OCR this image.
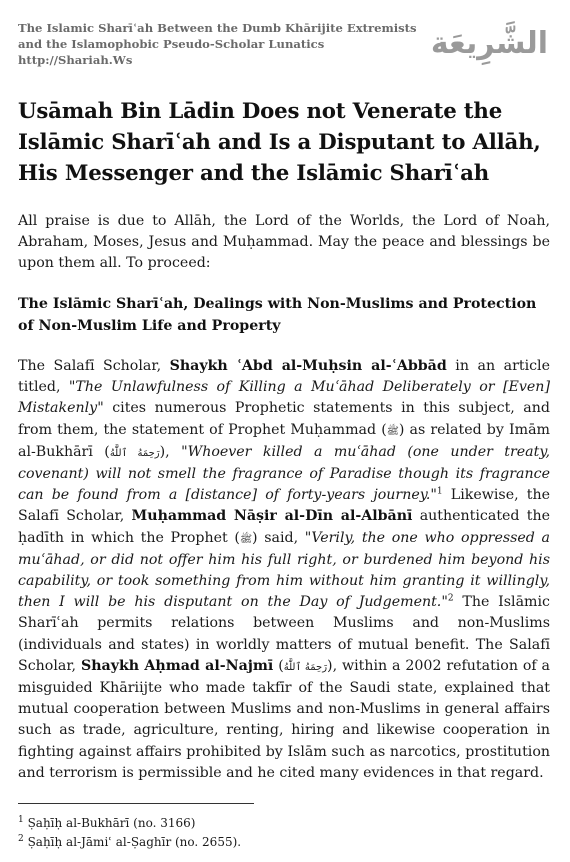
The Islamic Sharīʿah Between the Dumb Khārijite Extremists
and the Islamophobic Pseudo-Scholar Lunatics
http://Shariah.Ws	الشَّرِيعَة
Usāmah Bin Lādin Does not Venerate the Islāmic Sharīʿah and Is a Disputant to Allāh, His Messenger and the Islāmic Sharīʿah
All praise is due to Allāh, the Lord of the Worlds, the Lord of Noah, Abraham, Moses, Jesus and Muḥammad. May the peace and blessings be upon them all. To proceed:
The Islāmic Sharīʿah, Dealings with Non-Muslims and Protection of Non-Muslim Life and Property
The Salafī Scholar, Shaykh ʿAbd al-Muḥsin al-ʿAbbād in an article titled, "The Unlawfulness of Killing a Muʿāhad Deliberately or [Even] Mistakenly" cites numerous Prophetic statements in this subject, and from them, the statement of Prophet Muḥammad (ﷺ) as related by Imām al-Bukhārī (رَحِمَهُ ٱللَّٰهُ), "Whoever killed a muʿāhad (one under treaty, covenant) will not smell the fragrance of Paradise though its fragrance can be found from a [distance] of forty-years journey."$^1$ Likewise, the Salafī Scholar, Muḥammad Nāṣir al-Dīn al-Albānī authenticated the ḥadīth in which the Prophet (ﷺ) said, "Verily, the one who oppressed a muʿāhad, or did not offer him his full right, or burdened him beyond his capability, or took something from him without him granting it willingly, then I will be his disputant on the Day of Judgement."$^2$ The Islāmic Sharīʿah permits relations between Muslims and non-Muslims (individuals and states) in worldly matters of mutual benefit. The Salafī Scholar, Shaykh Aḥmad al-Najmī (رَحِمَهُ ٱللَّٰهُ), within a 2002 refutation of a misguided Khāriijte who made takfīr of the Saudi state, explained that mutual cooperation between Muslims and non-Muslims in general affairs such as trade, agriculture, renting, hiring and likewise cooperation in fighting against affairs prohibited by Islām such as narcotics, prostitution and terrorism is permissible and he cited many evidences in that regard.
$^1$ Ṣaḥīḥ al-Bukhārī (no. 3166)
$^2$ Ṣaḥīḥ al-Jāmiʿ al-Ṣaghīr (no. 2655).
